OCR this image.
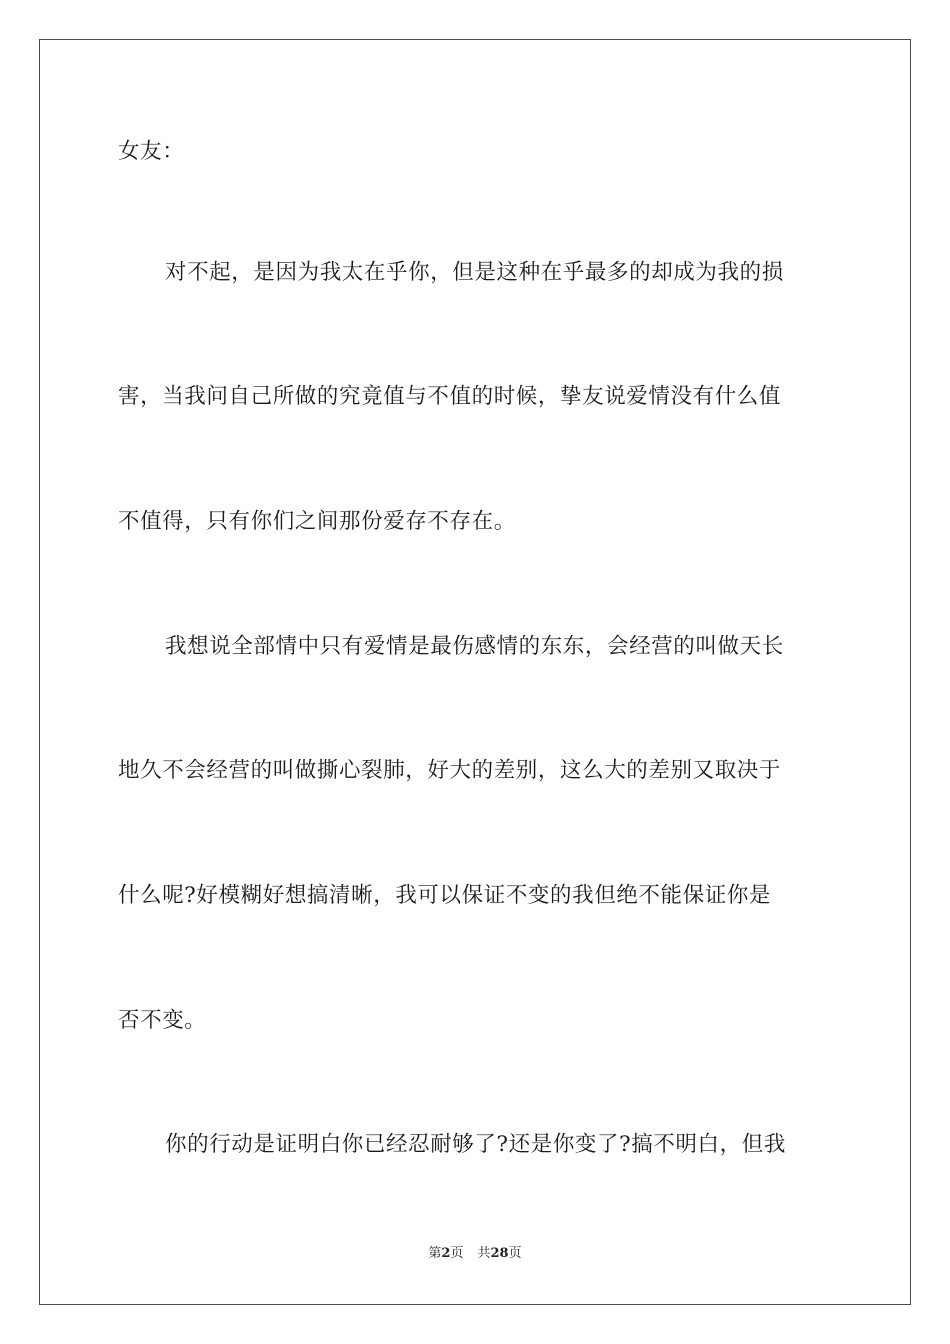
女友：
对不起，是因为我太在乎你，但是这种在乎最多的却成为我的损
害，当我问自己所做的究竟值与不值的时候，挚友说爱情没有什么值
不值得，只有你们之间那份爱存不存在。
我想说全部情中只有爱情是最伤感情的东东，会经营的叫做天长
地久不会经营的叫做撕心裂肺，好大的差别，这么大的差别又取决于
什么呢?好模糊好想搞清晰，我可以保证不变的我但绝不能保证你是
否不变。
你的行动是证明白你已经忍耐够了?还是你变了?搞不明白，但我
第2页 共28页
